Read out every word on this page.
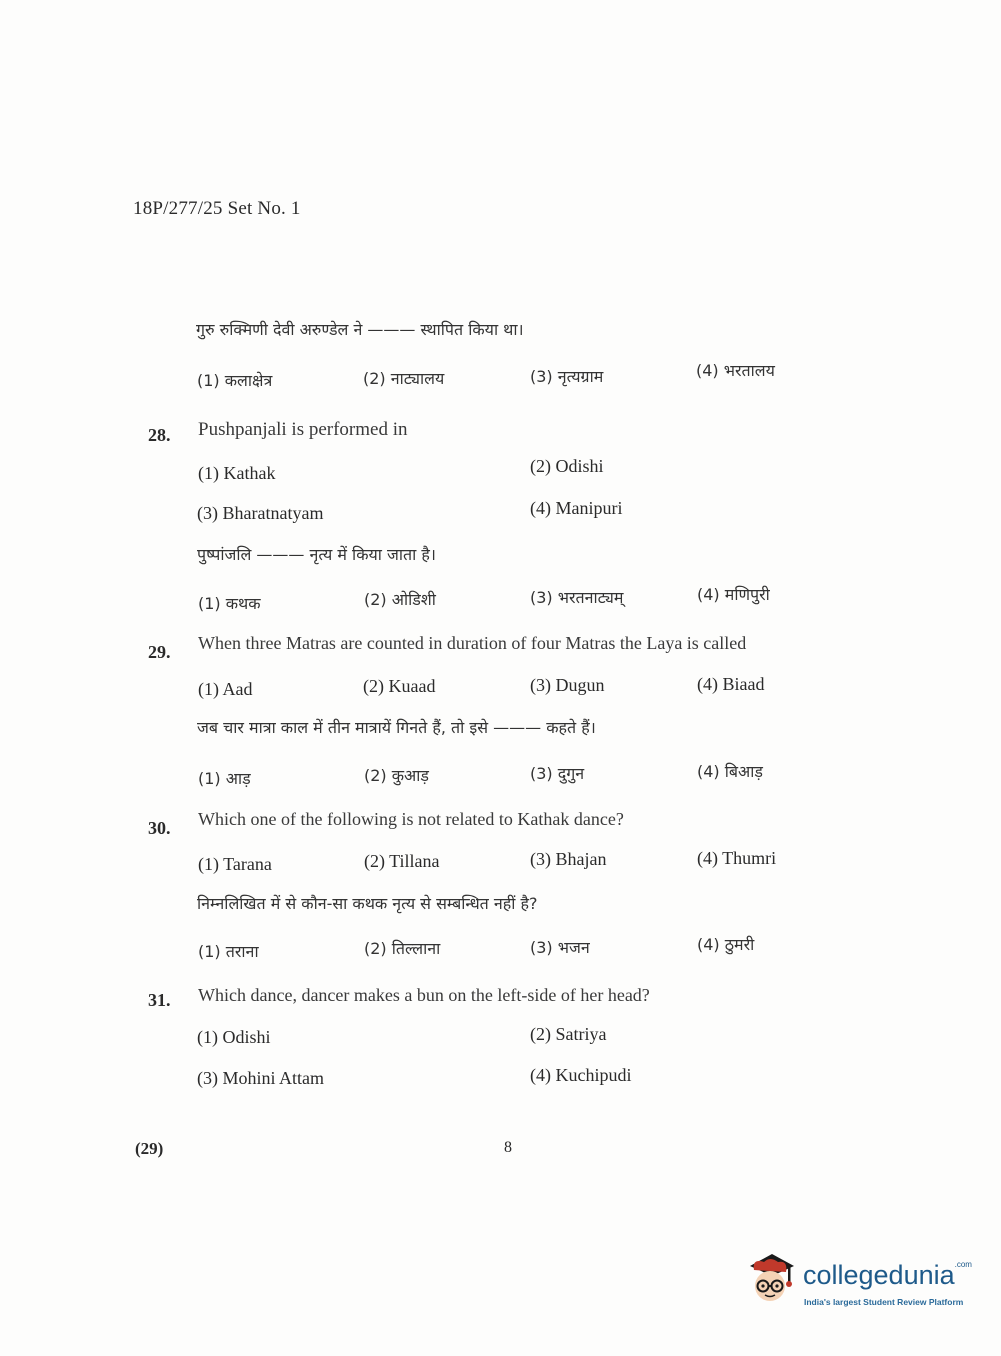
18P/277/25 Set No. 1
गुरु रुक्मिणी देवी अरुण्डेल ने ——— स्थापित किया था।
(1) कलाक्षेत्र	(2) नाट्यालय	(3) नृत्यग्राम	(4) भरतालय
28. Pushpanjali is performed in
(1) Kathak	(2) Odishi
(3) Bharatnatyam	(4) Manipuri
पुष्पांजलि ——— नृत्य में किया जाता है।
(1) कथक	(2) ओडिशी	(3) भरतनाट्यम्	(4) मणिपुरी
29. When three Matras are counted in duration of four Matras the Laya is called
(1) Aad	(2) Kuaad	(3) Dugun	(4) Biaad
जब चार मात्रा काल में तीन मात्रायें गिनते हैं, तो इसे ——— कहते हैं।
(1) आड़	(2) कुआड़	(3) दुगुन	(4) बिआड़
30. Which one of the following is not related to Kathak dance?
(1) Tarana	(2) Tillana	(3) Bhajan	(4) Thumri
निम्नलिखित में से कौन-सा कथक नृत्य से सम्बन्धित नहीं है?
(1) तराना	(2) तिल्लाना	(3) भजन	(4) ठुमरी
31. Which dance, dancer makes a bun on the left-side of her head?
(1) Odishi	(2) Satriya
(3) Mohini Attam	(4) Kuchipudi
(29)	8
collegedunia$^{.com}$
India's largest Student Review Platform
